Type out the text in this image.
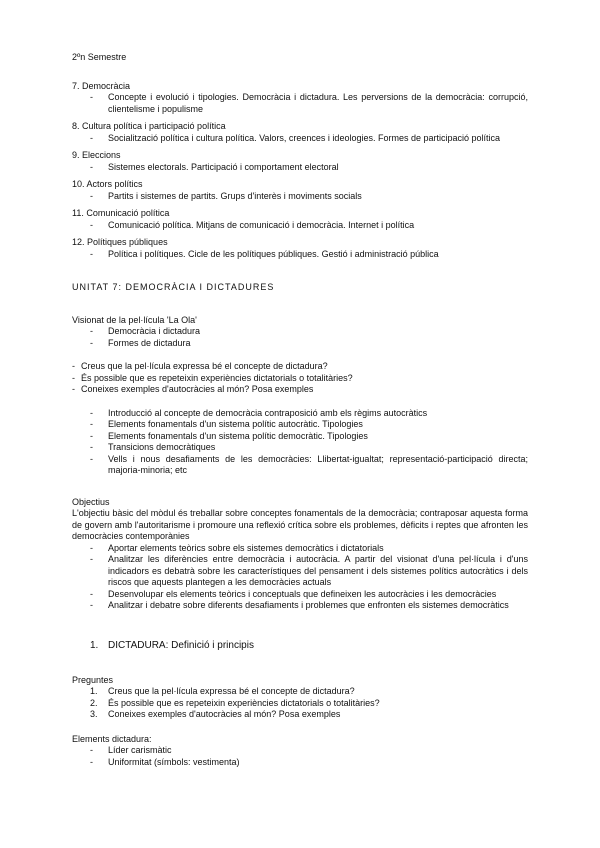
2ºn Semestre
7. Democràcia
-	Concepte i evolució i tipologies. Democràcia i dictadura. Les perversions de la democràcia: corrupció, clientelisme i populisme
8. Cultura política i participació política
-	Socialització política i cultura política. Valors, creences i ideologies. Formes de participació política
9. Eleccions
-	Sistemes electorals. Participació i comportament electoral
10. Actors polítics
-	Partits i sistemes de partits. Grups d'interès i moviments socials
11. Comunicació política
-	Comunicació política. Mitjans de comunicació i democràcia. Internet i política
12. Polítiques públiques
-	Política i polítiques. Cicle de les polítiques públiques. Gestió i administració pública
UNITAT 7: DEMOCRÀCIA I DICTADURES
Visionat de la pel·lícula 'La Ola'
-	Democràcia i dictadura
-	Formes de dictadura
- Creus que la pel·lícula expressa bé el concepte de dictadura?
- És possible que es repeteixin experiències dictatorials o totalitàries?
- Coneixes exemples d'autocràcies al món? Posa exemples
-	Introducció al concepte de democràcia contraposició amb els règims autocràtics
-	Elements fonamentals d'un sistema polític autocràtic. Tipologies
-	Elements fonamentals d'un sistema polític democràtic. Tipologies
-	Transicions democràtiques
-	Vells i nous desafiaments de les democràcies: Llibertat-igualtat; representació-participació directa; majoria-minoria; etc
Objectius
L'objectiu bàsic del mòdul és treballar sobre conceptes fonamentals de la democràcia; contraposar aquesta forma de govern amb l'autoritarisme i promoure una reflexió crítica sobre els problemes, dèficits i reptes que afronten les democràcies contemporànies
-	Aportar elements teòrics sobre els sistemes democràtics i dictatorials
-	Analitzar les diferències entre democràcia i autocràcia. A partir del visionat d'una pel·lícula i d'uns indicadors es debatrà sobre les característiques del pensament i dels sistemes polítics autocràtics i dels riscos que aquests plantegen a les democràcies actuals
-	Desenvolupar els elements teòrics i conceptuals que defineixen les autocràcies i les democràcies
-	Analitzar i debatre sobre diferents desafiaments i problemes que enfronten els sistemes democràtics
1. DICTADURA: Definició i principis
Preguntes
1.	Creus que la pel·lícula expressa bé el concepte de dictadura?
2.	És possible que es repeteixin experiències dictatorials o totalitàries?
3.	Coneixes exemples d'autocràcies al món? Posa exemples
Elements dictadura:
-	Líder carismàtic
-	Uniformitat (símbols: vestimenta)
